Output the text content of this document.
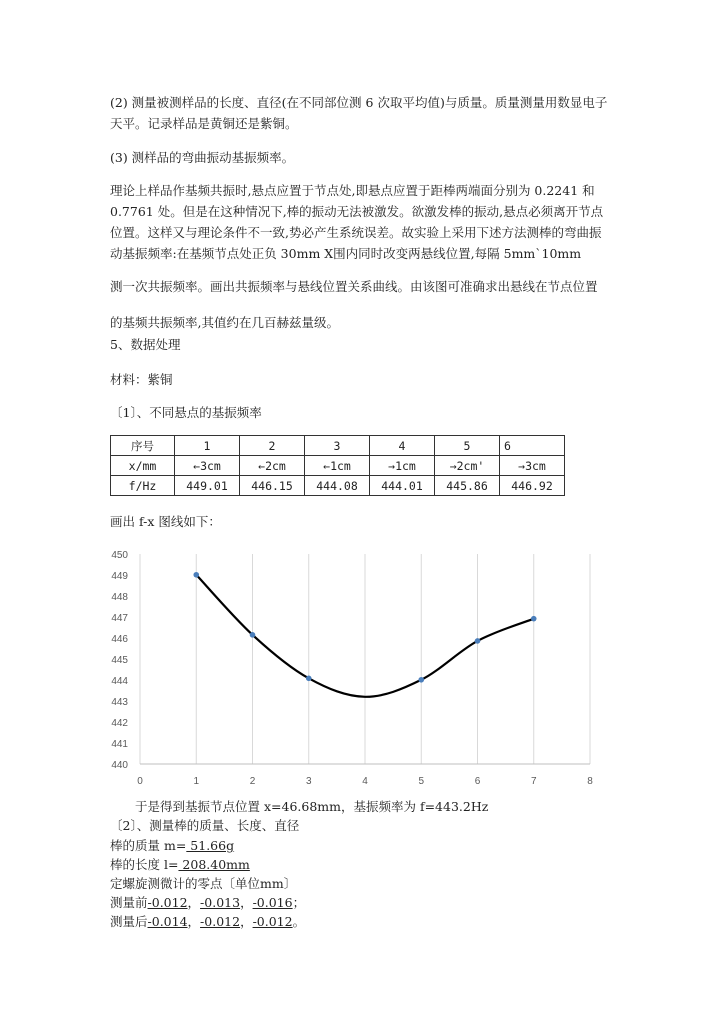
(2) 测量被测样品的长度、直径(在不同部位测 6 次取平均值)与质量。质量测量用数显电子天平。记录样品是黄铜还是紫铜。
(3) 测样品的弯曲振动基振频率。
理论上样品作基频共振时,悬点应置于节点处,即悬点应置于距棒两端面分别为 0.2241 和 0.7761 处。但是在这种情况下,棒的振动无法被激发。欲激发棒的振动,悬点必须离开节点位置。这样又与理论条件不一致,势必产生系统误差。故实验上采用下述方法测棒的弯曲振动基振频率:在基频节点处正负 30mm X围内同时改变两悬线位置,每隔 5mm`10mm
测一次共振频率。画出共振频率与悬线位置关系曲线。由该图可准确求出悬线在节点位置
的基频共振频率,其值约在几百赫兹量级。
5、数据处理
材料：紫铜
〔1〕、不同悬点的基振频率
序号	1	2	3	4	5	6
x/mm	←3cm	←2cm	←1cm	→1cm	→2cm'	→3cm
f/Hz	449.01	446.15	444.08	444.01	445.86	446.92
画出 f-x 图线如下：
440
441
442
443
444
445
446
447
448
449
450
0	1	2	3	4	5	6	7	8
于是得到基振节点位置 x=46.68mm，基振频率为 f=443.2Hz
〔2〕、测量棒的质量、长度、直径
棒的质量 m= 51.66g
棒的长度 l= 208.40mm
定螺旋测微计的零点〔单位mm〕
测量前-0.012，-0.013，-0.016；
测量后-0.014，-0.012，-0.012。
